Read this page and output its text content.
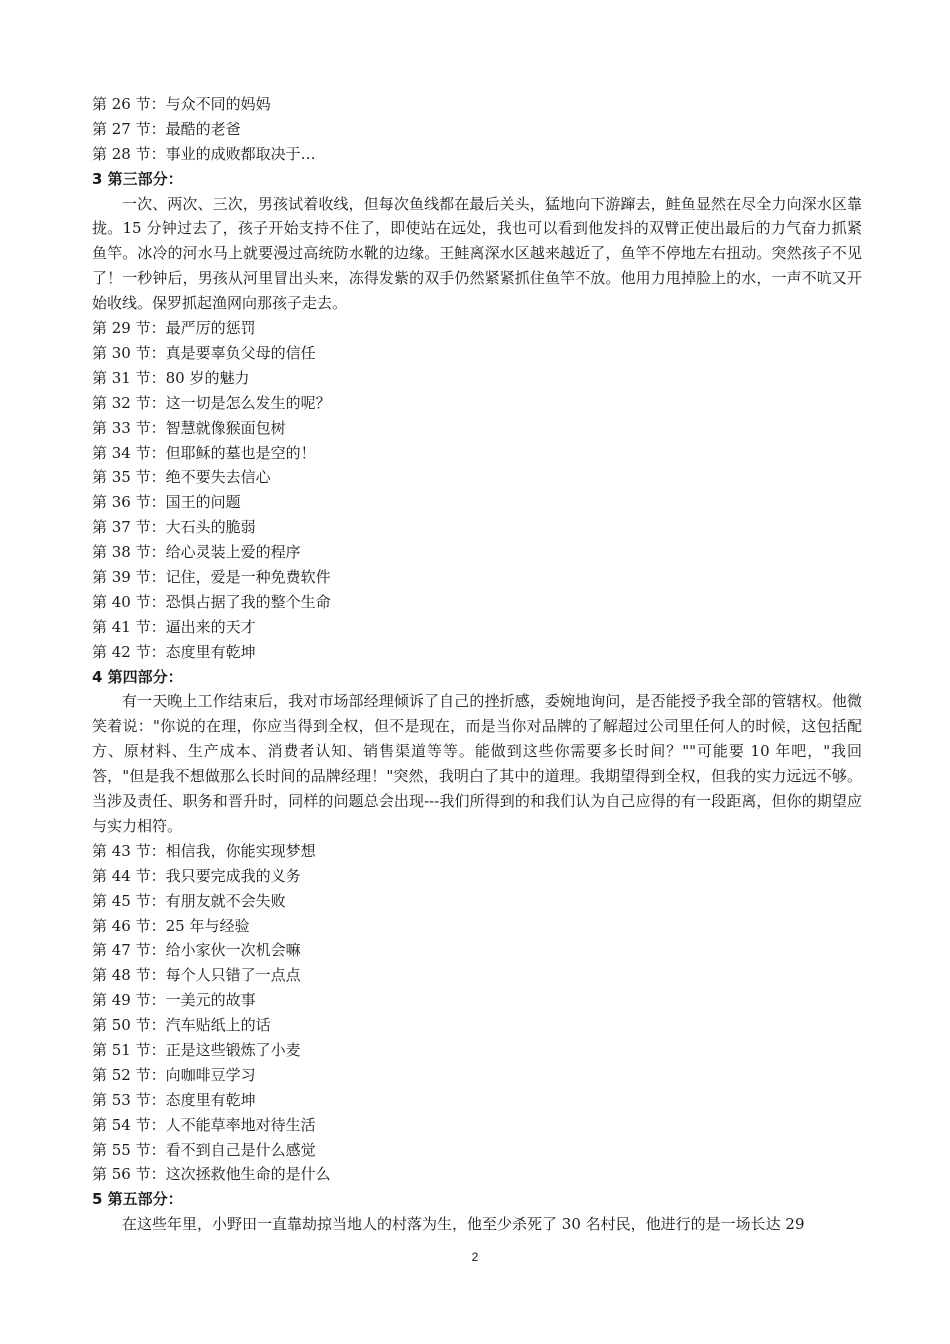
第 26 节：与众不同的妈妈
第 27 节：最酷的老爸
第 28 节：事业的成败都取决于…
3 第三部分：

一次、两次、三次，男孩试着收线，但每次鱼线都在最后关头，猛地向下游蹿去，鲑鱼显然在尽全力向深水区靠拢。15 分钟过去了，孩子开始支持不住了，即使站在远处，我也可以看到他发抖的双臂正使出最后的力气奋力抓紧鱼竿。冰冷的河水马上就要漫过高统防水靴的边缘。王鲑离深水区越来越近了，鱼竿不停地左右扭动。突然孩子不见了！一秒钟后，男孩从河里冒出头来，冻得发紫的双手仍然紧紧抓住鱼竿不放。他用力甩掉脸上的水，一声不吭又开始收线。保罗抓起渔网向那孩子走去。

第 29 节：最严厉的惩罚
第 30 节：真是要辜负父母的信任
第 31 节：80 岁的魅力
第 32 节：这一切是怎么发生的呢？
第 33 节：智慧就像猴面包树
第 34 节：但耶稣的墓也是空的！
第 35 节：绝不要失去信心
第 36 节：国王的问题
第 37 节：大石头的脆弱
第 38 节：给心灵装上爱的程序
第 39 节：记住，爱是一种免费软件
第 40 节：恐惧占据了我的整个生命
第 41 节：逼出来的天才
第 42 节：态度里有乾坤
4 第四部分：

有一天晚上工作结束后，我对市场部经理倾诉了自己的挫折感，委婉地询问，是否能授予我全部的管辖权。他微笑着说："你说的在理，你应当得到全权，但不是现在，而是当你对品牌的了解超过公司里任何人的时候，这包括配方、原材料、生产成本、消费者认知、销售渠道等等。能做到这些你需要多长时间？""可能要 10 年吧，"我回答，"但是我不想做那么长时间的品牌经理！"突然，我明白了其中的道理。我期望得到全权，但我的实力远远不够。当涉及责任、职务和晋升时，同样的问题总会出现---我们所得到的和我们认为自己应得的有一段距离，但你的期望应与实力相符。

第 43 节：相信我，你能实现梦想
第 44 节：我只要完成我的义务
第 45 节：有朋友就不会失败
第 46 节：25 年与经验
第 47 节：给小家伙一次机会嘛
第 48 节：每个人只错了一点点
第 49 节：一美元的故事
第 50 节：汽车贴纸上的话
第 51 节：正是这些锻炼了小麦
第 52 节：向咖啡豆学习
第 53 节：态度里有乾坤
第 54 节：人不能草率地对待生活
第 55 节：看不到自己是什么感觉
第 56 节：这次拯救他生命的是什么
5 第五部分：

在这些年里，小野田一直靠劫掠当地人的村落为生，他至少杀死了 30 名村民，他进行的是一场长达 29

2
